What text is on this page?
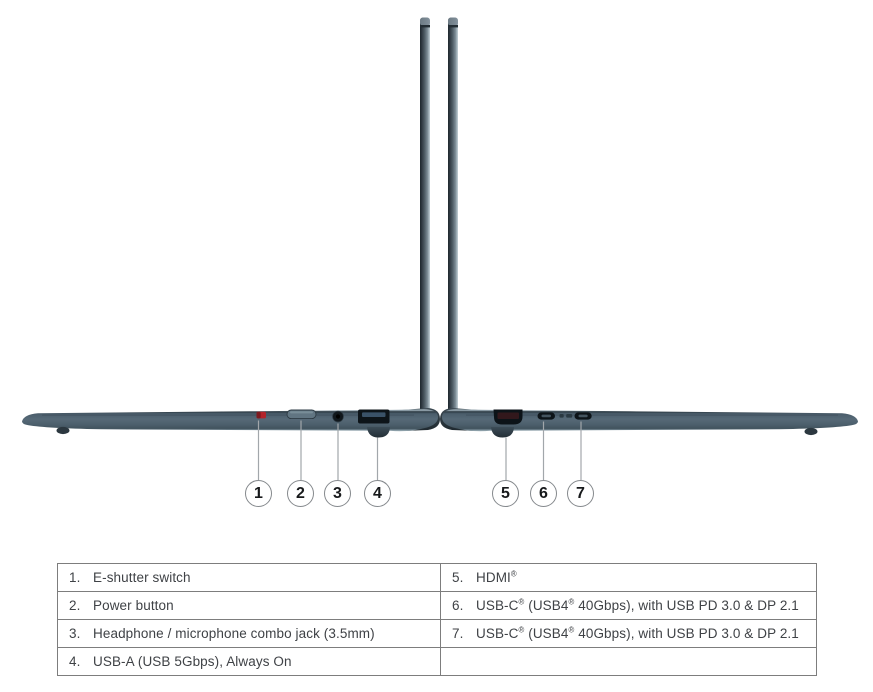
1 2 3 4	5 6 7
1. E-shutter switch	5. HDMI®
2. Power button	6. USB-C® (USB4® 40Gbps), with USB PD 3.0 & DP 2.1
3. Headphone / microphone combo jack (3.5mm)	7. USB-C® (USB4® 40Gbps), with USB PD 3.0 & DP 2.1
4. USB-A (USB 5Gbps), Always On	
